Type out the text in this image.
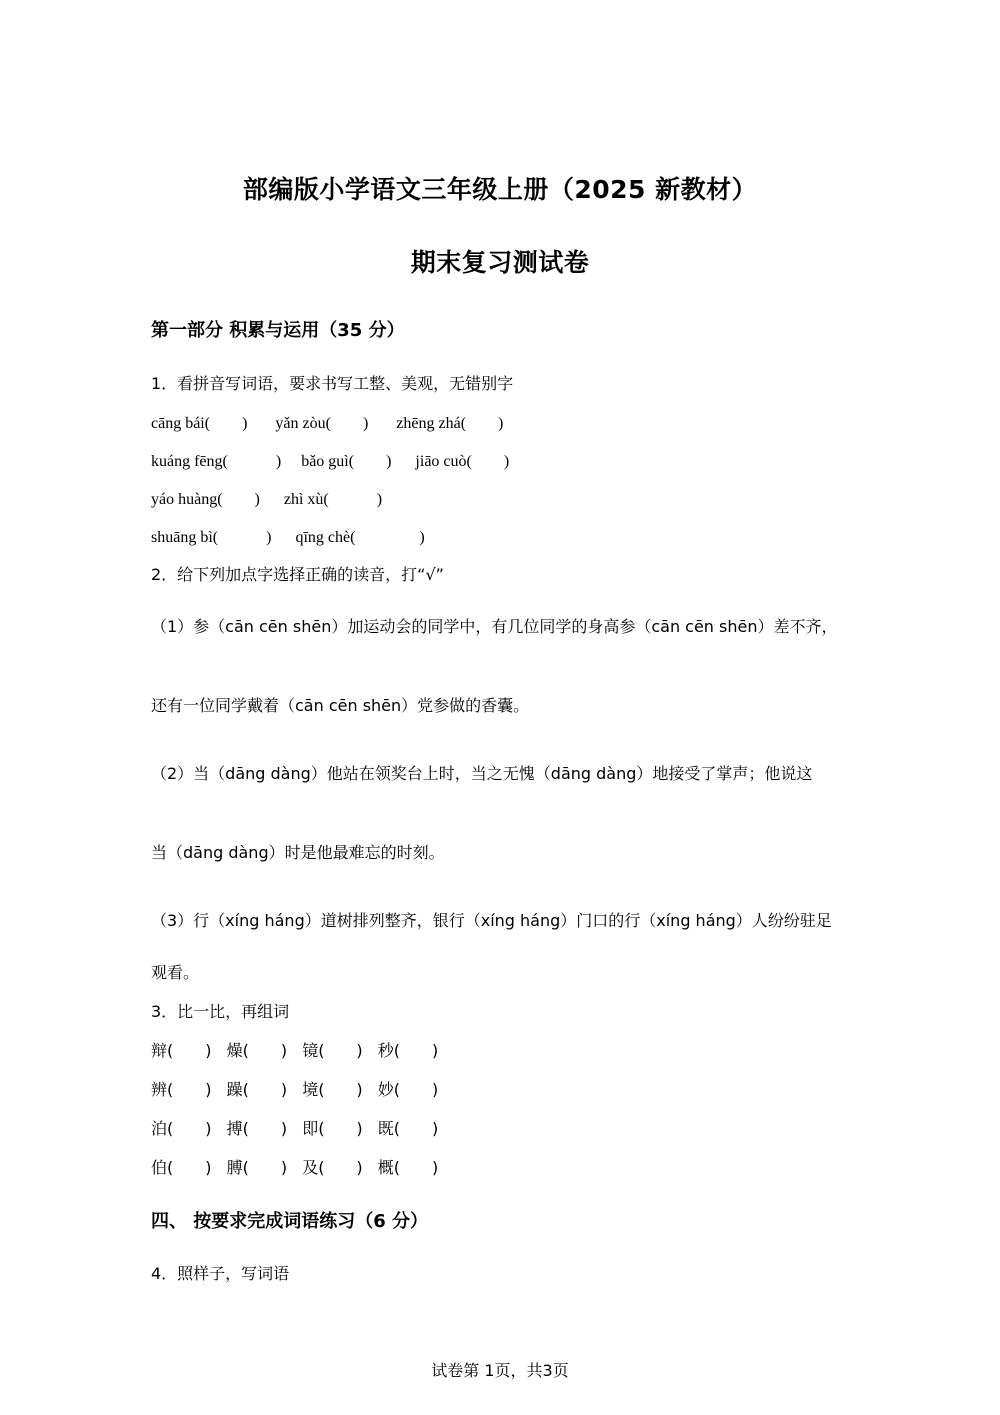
部编版小学语文三年级上册（2025 新教材）
期末复习测试卷
第一部分 积累与运用（35 分）
1．看拼音写词语，要求书写工整、美观，无错别字
cāng bái(　　) yǎn zòu(　　) zhēng zhá(　　)
kuáng fēng(　　　) bǎo guì(　　) jiāo cuò(　　)
yáo huàng(　　) zhì xù(　　　)
shuāng bì(　　　) qīng chè(　　　　)
2．给下列加点字选择正确的读音，打“√”
（1）参（cān cēn shēn）加运动会的同学中，有几位同学的身高参（cān cēn shēn）差不齐，
还有一位同学戴着（cān cēn shēn）党参做的香囊。
（2）当（dāng dàng）他站在领奖台上时，当之无愧（dāng dàng）地接受了掌声；他说这
当（dāng dàng）时是他最难忘的时刻。
（3）行（xíng háng）道树排列整齐，银行（xíng háng）门口的行（xíng háng）人纷纷驻足
观看。
3．比一比，再组词
辩(　　) 燥(　　) 镜(　　) 秒(　　)
辨(　　) 躁(　　) 境(　　) 妙(　　)
泊(　　) 搏(　　) 即(　　) 既(　　)
伯(　　) 膊(　　) 及(　　) 概(　　)
四、 按要求完成词语练习（6 分）
4．照样子，写词语
试卷第 1页，共3页
